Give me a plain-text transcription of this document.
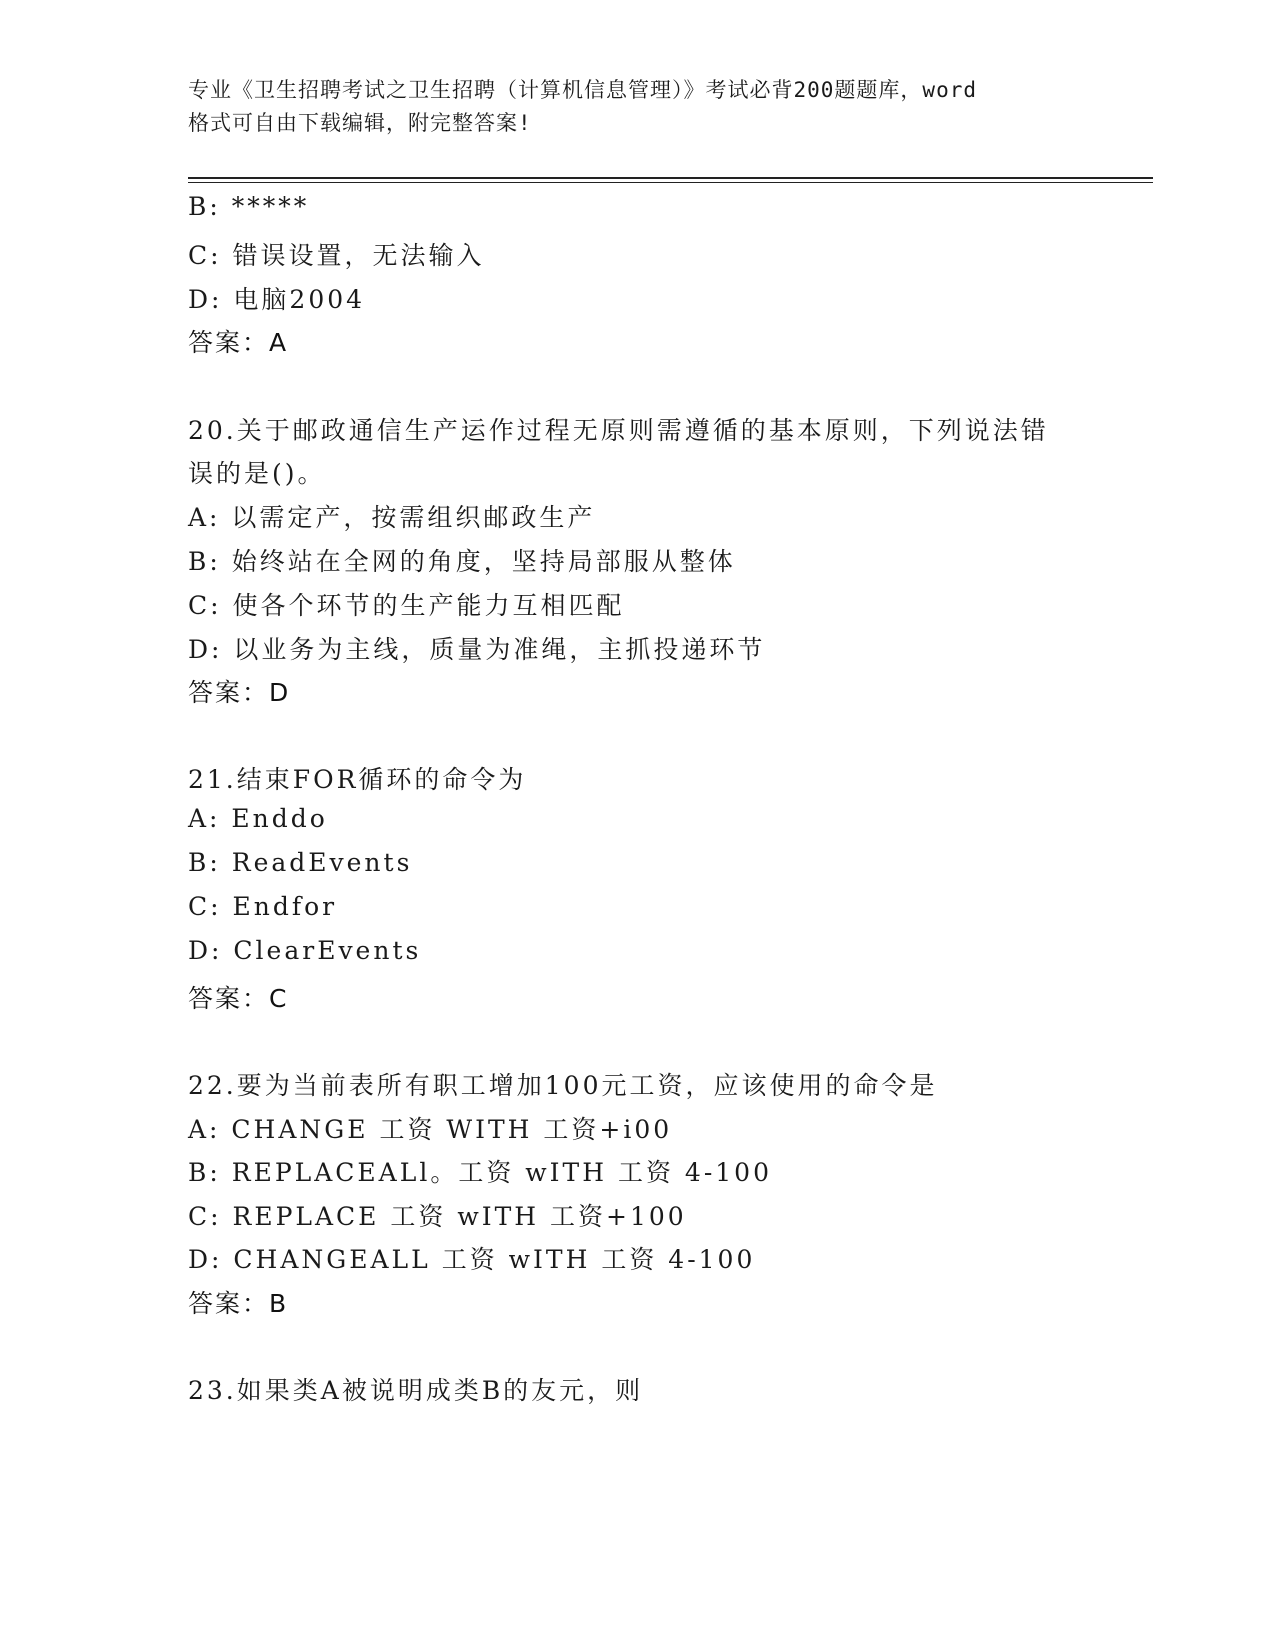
专业《卫生招聘考试之卫生招聘（计算机信息管理）》考试必背200题题库，word
格式可自由下载编辑，附完整答案!
B: *****
C: 错误设置，无法输入
D: 电脑2004
答案：A
20.关于邮政通信生产运作过程无原则需遵循的基本原则，下列说法错
误的是()。
A: 以需定产，按需组织邮政生产
B: 始终站在全网的角度，坚持局部服从整体
C: 使各个环节的生产能力互相匹配
D: 以业务为主线，质量为准绳，主抓投递环节
答案：D
21.结束FOR循环的命令为
A: Enddo
B: ReadEvents
C: Endfor
D: ClearEvents
答案：C
22.要为当前表所有职工增加100元工资，应该使用的命令是
A: CHANGE 工资 WITH 工资+i00
B: REPLACEALl。工资 wITH 工资 4-100
C: REPLACE 工资 wITH 工资+100
D: CHANGEALL 工资 wITH 工资 4-100
答案：B
23.如果类A被说明成类B的友元，则
